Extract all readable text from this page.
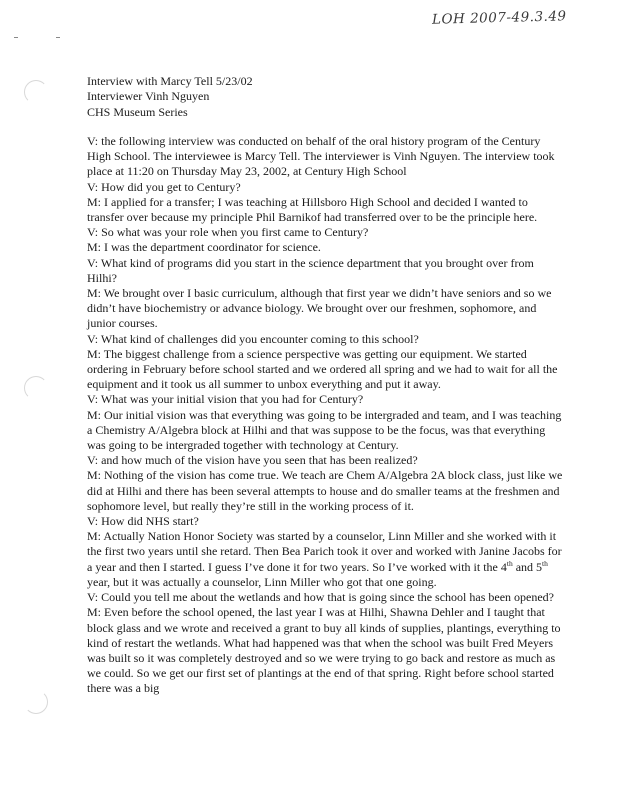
LOH 2007-49.3.49
Interview with Marcy Tell 5/23/02
Interviewer Vinh Nguyen
CHS Museum Series

V: the following interview was conducted on behalf of the oral history program of the Century High School. The interviewee is Marcy Tell. The interviewer is Vinh Nguyen. The interview took place at 11:20 on Thursday May 23, 2002, at Century High School

V: How did you get to Century?

M: I applied for a transfer; I was teaching at Hillsboro High School and decided I wanted to transfer over because my principle Phil Barnikof had transferred over to be the principle here.

V: So what was your role when you first came to Century?

M: I was the department coordinator for science.

V: What kind of programs did you start in the science department that you brought over from Hilhi?

M: We brought over I basic curriculum, although that first year we didn’t have seniors and so we didn’t have biochemistry or advance biology. We brought over our freshmen, sophomore, and junior courses.

V: What kind of challenges did you encounter coming to this school?

M: The biggest challenge from a science perspective was getting our equipment. We started ordering in February before school started and we ordered all spring and we had to wait for all the equipment and it took us all summer to unbox everything and put it away.

V: What was your initial vision that you had for Century?

M: Our initial vision was that everything was going to be intergraded and team, and I was teaching a Chemistry A/Algebra block at Hilhi and that was suppose to be the focus, was that everything was going to be intergraded together with technology at Century.

V: and how much of the vision have you seen that has been realized?

M: Nothing of the vision has come true. We teach are Chem A/Algebra 2A block class, just like we did at Hilhi and there has been several attempts to house and do smaller teams at the freshmen and sophomore level, but really they’re still in the working process of it.

V: How did NHS start?

M: Actually Nation Honor Society was started by a counselor, Linn Miller and she worked with it the first two years until she retard. Then Bea Parich took it over and worked with Janine Jacobs for a year and then I started. I guess I’ve done it for two years. So I’ve worked with it the 4th and 5th year, but it was actually a counselor, Linn Miller who got that one going.

V: Could you tell me about the wetlands and how that is going since the school has been opened?

M: Even before the school opened, the last year I was at Hilhi, Shawna Dehler and I taught that block glass and we wrote and received a grant to buy all kinds of supplies, plantings, everything to kind of restart the wetlands. What had happened was that when the school was built Fred Meyers was built so it was completely destroyed and so we were trying to go back and restore as much as we could. So we get our first set of plantings at the end of that spring. Right before school started there was a big
